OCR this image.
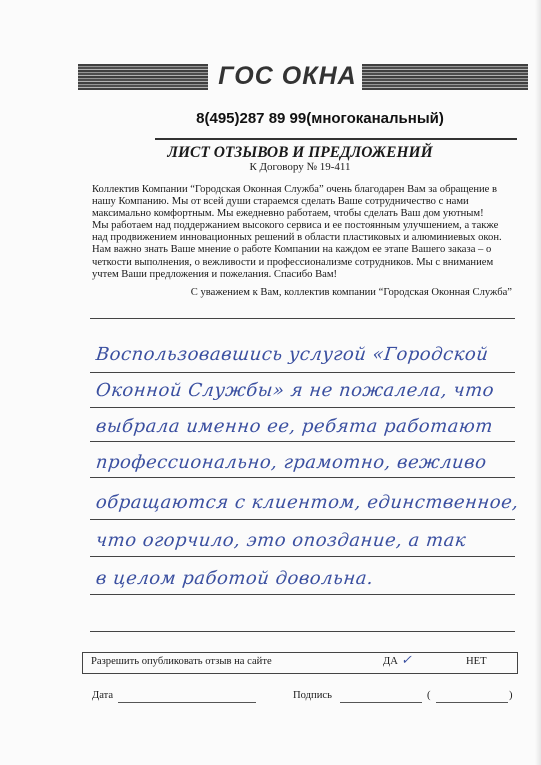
ГОС ОКНА
8(495)287 89 99(многоканальный)
ЛИСТ ОТЗЫВОВ И ПРЕДЛОЖЕНИЙ
К Договору № 19-411

Коллектив Компании “Городская Оконная Служба” очень благодарен Вам за обращение в

нашу Компанию. Мы от всей души стараемся сделать Ваше сотрудничество с нами

максимально комфортным. Мы ежедневно работаем, чтобы сделать Ваш дом уютным!

Мы работаем над поддержанием высокого сервиса и ее постоянным улучшением, а также

над продвижением инновационных решений в области пластиковых и алюминиевых окон.

Нам важно знать Ваше мнение о работе Компании на каждом ее этапе Вашего заказа – о

четкости выполнения, о вежливости и профессионализме сотрудников. Мы с вниманием

учтем Ваши предложения и пожелания. Спасибо Вам!

С уважением к Вам, коллектив компании “Городская Оконная Служба”
Воспользовавшись услугой «Городской
Оконной Службы» я не пожалела, что
выбрала именно ее, ребята работают
профессионально, грамотно, вежливо
обращаются с клиентом, единственное,
что огорчило, это опоздание, а так
в целом работой довольна.
Разрешить опубликовать отзыв на сайте	ДА ✓	НЕТ
Дата	Подпись	(	)
